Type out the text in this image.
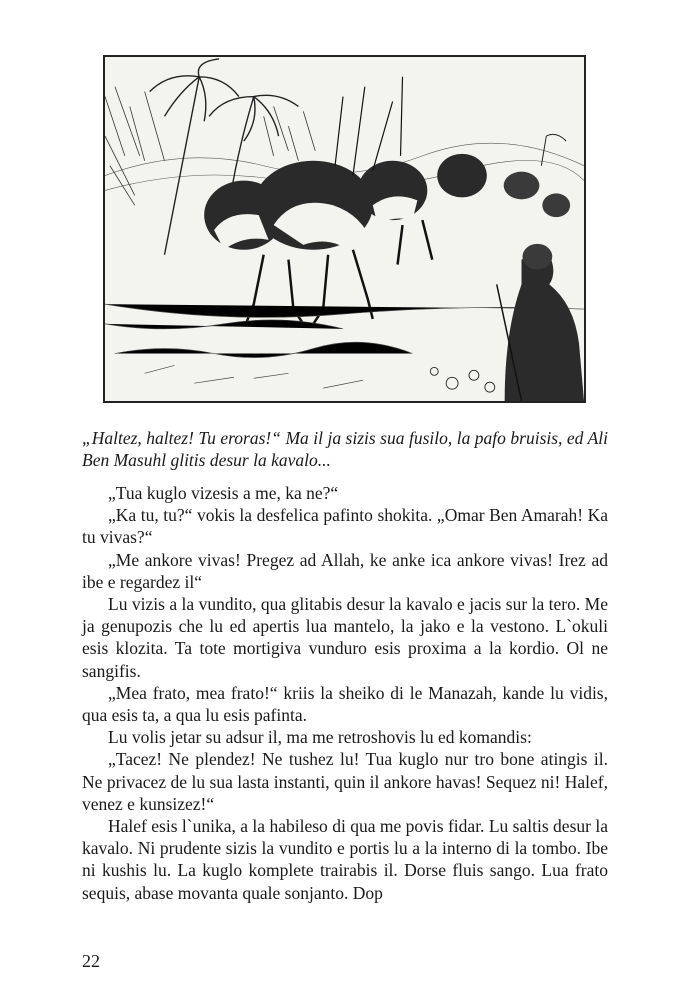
„Haltez, haltez! Tu eroras!“ Ma il ja sizis sua fusilo, la pafo bruisis, ed Ali Ben Masuhl glitis desur la kavalo...

„Tua kuglo vizesis a me, ka ne?“

„Ka tu, tu?“ vokis la desfelica pafinto shokita. „Omar Ben Amarah! Ka tu vivas?“

„Me ankore vivas! Pregez ad Allah, ke anke ica ankore vivas! Irez ad ibe e regardez il“

Lu vizis a la vundito, qua glitabis desur la kavalo e jacis sur la tero. Me ja genupozis che lu ed apertis lua mantelo, la jako e la vestono. L`okuli esis klozita. Ta tote mortigiva vunduro esis proxima a la kordio. Ol ne sangifis.

„Mea frato, mea frato!“ kriis la sheiko di le Manazah, kande lu vidis, qua esis ta, a qua lu esis pafinta.

Lu volis jetar su adsur il, ma me retroshovis lu ed komandis:

„Tacez! Ne plendez! Ne tushez lu! Tua kuglo nur tro bone atingis il. Ne privacez de lu sua lasta instanti, quin il ankore havas! Sequez ni! Halef, venez e kunsizez!“

Halef esis l`unika, a la habileso di qua me povis fidar. Lu saltis desur la kavalo. Ni prudente sizis la vundito e portis lu a la interno di la tombo. Ibe ni kushis lu. La kuglo komplete trairabis il. Dorse fluis sango. Lua frato sequis, abase movanta quale sonjanto. Dop

22
